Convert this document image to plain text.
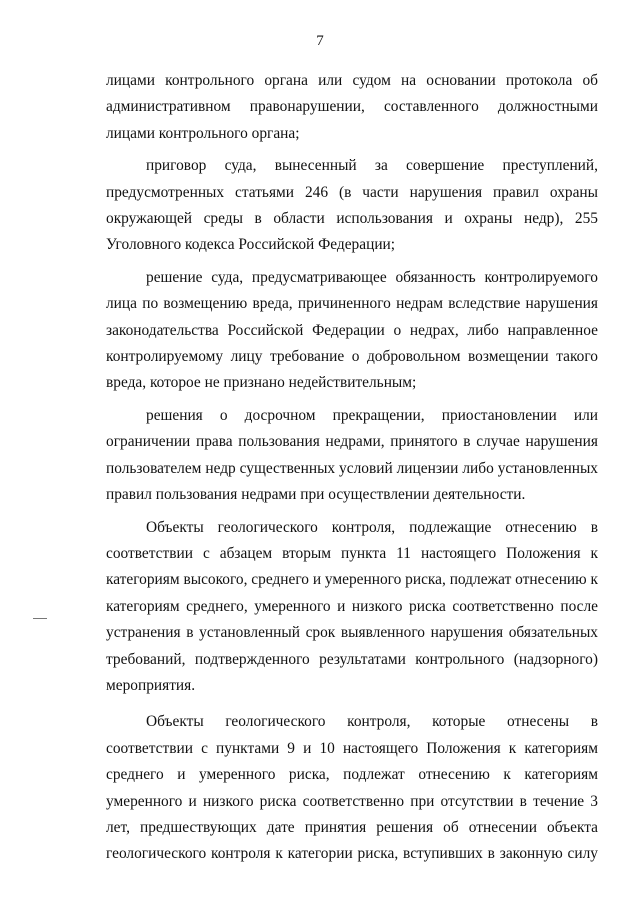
7

лицами контрольного органа или судом на основании протокола об административном правонарушении, составленного должностными лицами контрольного органа;

приговор суда, вынесенный за совершение преступлений, предусмотренных статьями 246 (в части нарушения правил охраны окружающей среды в области использования и охраны недр), 255 Уголовного кодекса Российской Федерации;

решение суда, предусматривающее обязанность контролируемого лица по возмещению вреда, причиненного недрам вследствие нарушения законодательства Российской Федерации о недрах, либо направленное контролируемому лицу требование о добровольном возмещении такого вреда, которое не признано недействительным;

решения о досрочном прекращении, приостановлении или ограничении права пользования недрами, принятого в случае нарушения пользователем недр существенных условий лицензии либо установленных правил пользования недрами при осуществлении деятельности.

Объекты геологического контроля, подлежащие отнесению в соответствии с абзацем вторым пункта 11 настоящего Положения к категориям высокого, среднего и умеренного риска, подлежат отнесению к категориям среднего, умеренного и низкого риска соответственно после устранения в установленный срок выявленного нарушения обязательных требований, подтвержденного результатами контрольного (надзорного) мероприятия.

Объекты геологического контроля, которые отнесены в соответствии с пунктами 9 и 10 настоящего Положения к категориям среднего и умеренного риска, подлежат отнесению к категориям умеренного и низкого риска соответственно при отсутствии в течение 3 лет, предшествующих дате принятия решения об отнесении объекта геологического контроля к категории риска, вступивших в законную силу
